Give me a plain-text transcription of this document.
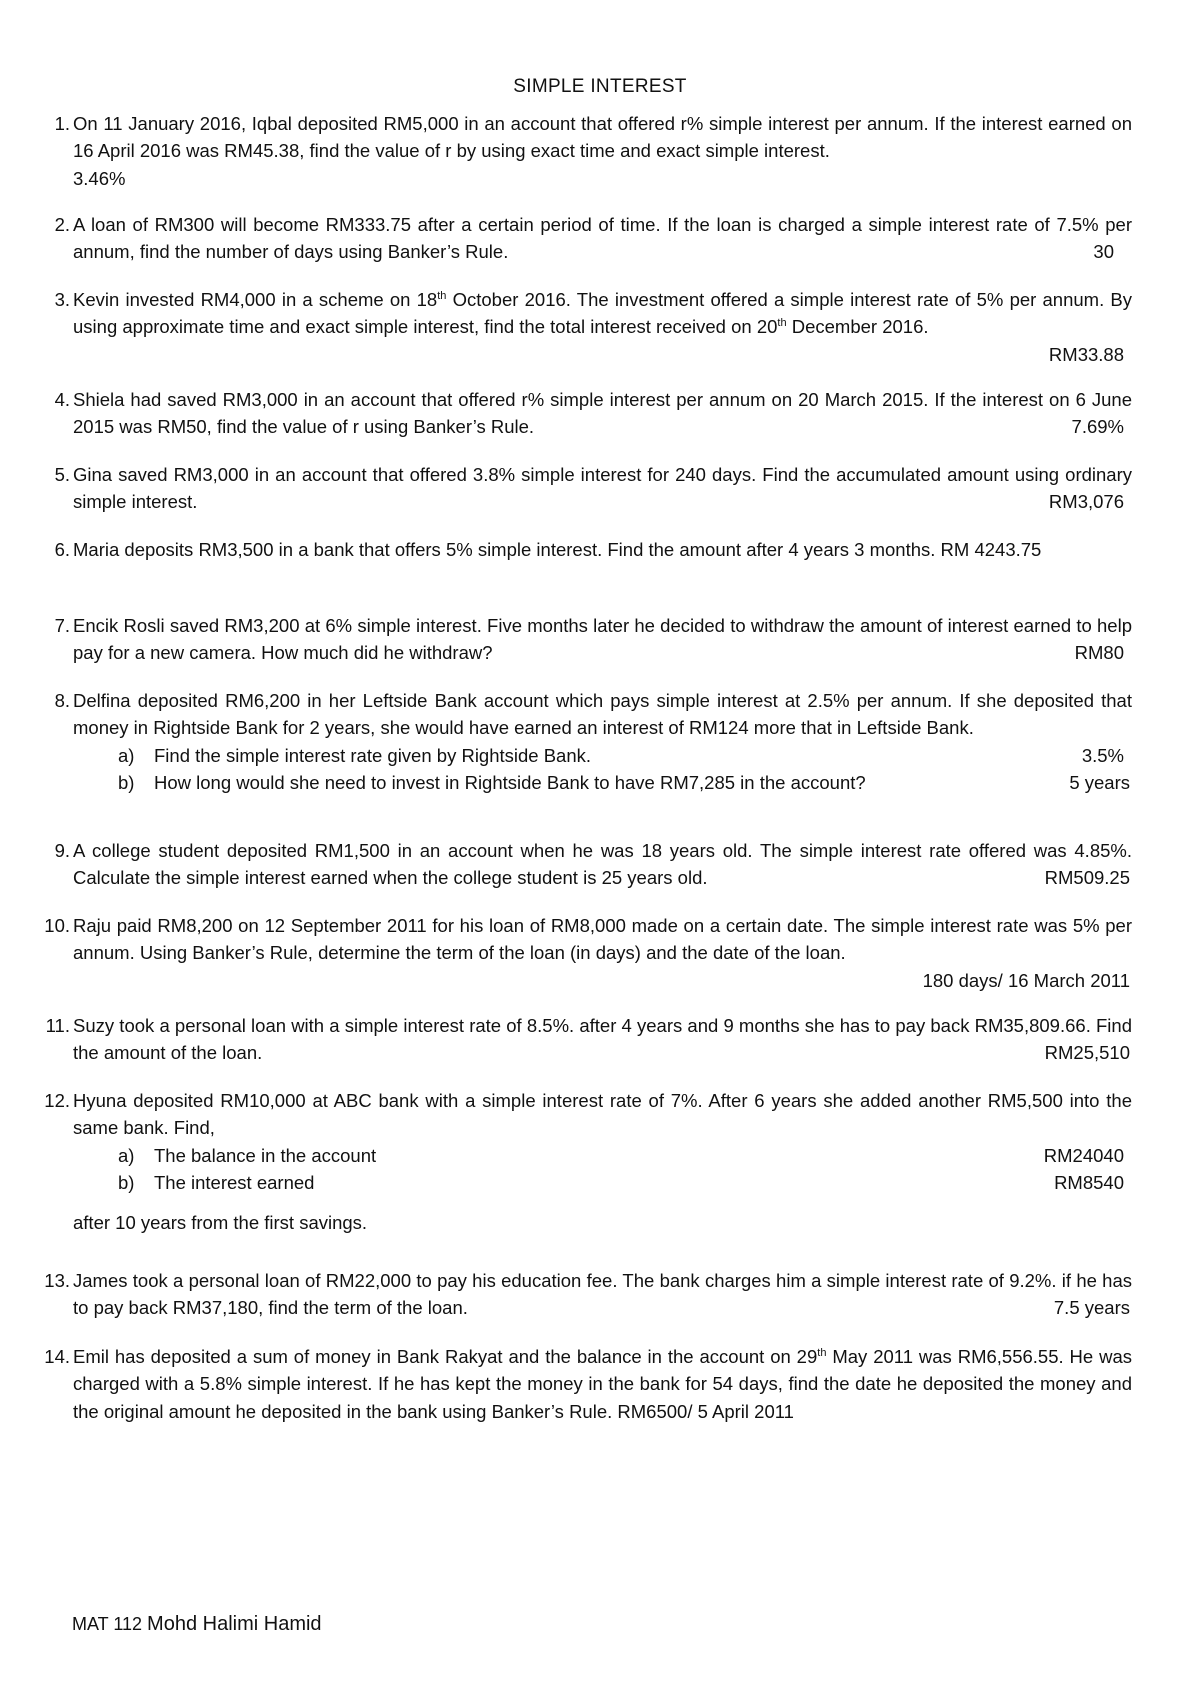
SIMPLE INTEREST
1. On 11 January 2016, Iqbal deposited RM5,000 in an account that offered r% simple interest per annum. If the interest earned on 16 April 2016 was RM45.38, find the value of r by using exact time and exact simple interest.
3.46%
2. A loan of RM300 will become RM333.75 after a certain period of time. If the loan is charged a simple interest rate of 7.5% per annum, find the number of days using Banker’s Rule.	30
3. Kevin invested RM4,000 in a scheme on 18th October 2016. The investment offered a simple interest rate of 5% per annum. By using approximate time and exact simple interest, find the total interest received on 20th December 2016.
RM33.88
4. Shiela had saved RM3,000 in an account that offered r% simple interest per annum on 20 March 2015. If the interest on 6 June 2015 was RM50, find the value of r using Banker’s Rule.	7.69%
5. Gina saved RM3,000 in an account that offered 3.8% simple interest for 240 days. Find the accumulated amount using ordinary simple interest.	RM3,076
6. Maria deposits RM3,500 in a bank that offers 5% simple interest. Find the amount after 4 years 3 months. RM 4243.75
7. Encik Rosli saved RM3,200 at 6% simple interest. Five months later he decided to withdraw the amount of interest earned to help pay for a new camera. How much did he withdraw?	RM80
8. Delfina deposited RM6,200 in her Leftside Bank account which pays simple interest at 2.5% per annum. If she deposited that money in Rightside Bank for 2 years, she would have earned an interest of RM124 more that in Leftside Bank.
a) Find the simple interest rate given by Rightside Bank.	3.5%
b) How long would she need to invest in Rightside Bank to have RM7,285 in the account?	5 years
9. A college student deposited RM1,500 in an account when he was 18 years old. The simple interest rate offered was 4.85%. Calculate the simple interest earned when the college student is 25 years old.	RM509.25
10. Raju paid RM8,200 on 12 September 2011 for his loan of RM8,000 made on a certain date. The simple interest rate was 5% per annum. Using Banker’s Rule, determine the term of the loan (in days) and the date of the loan.
180 days/ 16 March 2011
11. Suzy took a personal loan with a simple interest rate of 8.5%. after 4 years and 9 months she has to pay back RM35,809.66. Find the amount of the loan.	RM25,510
12. Hyuna deposited RM10,000 at ABC bank with a simple interest rate of 7%. After 6 years she added another RM5,500 into the same bank. Find,
a) The balance in the account	RM24040
b) The interest earned	RM8540
after 10 years from the first savings.
13. James took a personal loan of RM22,000 to pay his education fee. The bank charges him a simple interest rate of 9.2%. if he has to pay back RM37,180, find the term of the loan.	7.5 years
14. Emil has deposited a sum of money in Bank Rakyat and the balance in the account on 29th May 2011 was RM6,556.55. He was charged with a 5.8% simple interest. If he has kept the money in the bank for 54 days, find the date he deposited the money and the original amount he deposited in the bank using Banker’s Rule. RM6500/ 5 April 2011
MAT 112 Mohd Halimi Hamid
